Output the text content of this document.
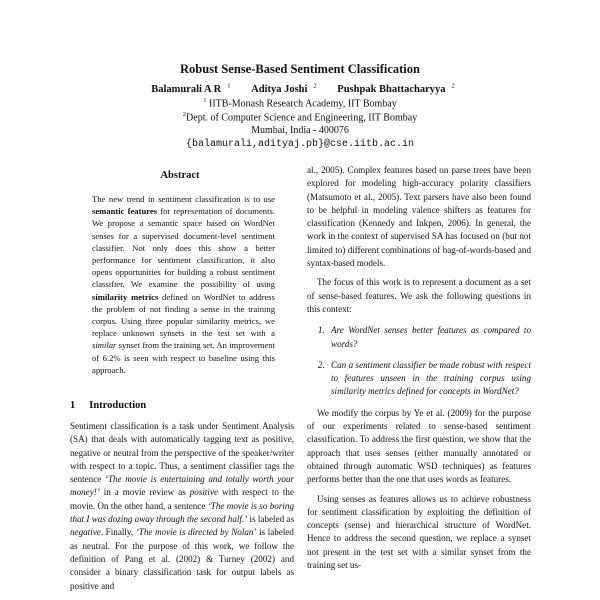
Robust Sense-Based Sentiment Classification
Balamurali A R $^1$ Aditya Joshi $^2$ Pushpak Bhattacharyya $^2$
$^1$ IITB-Monash Research Academy, IIT Bombay
$^2$Dept. of Computer Science and Engineering, IIT Bombay
Mumbai, India - 400076
{balamurali,adityaj.pb}@cse.iitb.ac.in
Abstract
The new trend in sentiment classification is to use semantic features for representation of documents. We propose a semantic space based on WordNet senses for a supervised document-level sentiment classifier. Not only does this show a better performance for sentiment classification, it also opens opportunities for building a robust sentiment classifier. We examine the possibility of using similarity metrics defined on WordNet to address the problem of not finding a sense in the training corpus. Using three popular similarity metrics, we replace unknown synsets in the test set with a similar synset from the training set. An improvement of 6.2% is seen with respect to baseline using this approach.
1 Introduction
Sentiment classification is a task under Sentiment Analysis (SA) that deals with automatically tagging text as positive, negative or neutral from the perspective of the speaker/writer with respect to a topic. Thus, a sentiment classifier tags the sentence ‘The movie is entertaining and totally worth your money!’ in a movie review as positive with respect to the movie. On the other hand, a sentence ‘The movie is so boring that I was dozing away through the second half.’ is labeled as negative. Finally, ‘The movie is directed by Nolan’ is labeled as neutral. For the purpose of this work, we follow the definition of Pang et al. (2002) & Turney (2002) and consider a binary classification task for output labels as positive and

al., 2005). Complex features based on parse trees have been explored for modeling high-accuracy polarity classifiers (Matsumoto et al., 2005). Text parsers have also been found to be helpful in modeling valence shifters as features for classification (Kennedy and Inkpen, 2006). In general, the work in the context of supervised SA has focused on (but not limited to) different combinations of bag-of-words-based and syntax-based models.

The focus of this work is to represent a document as a set of sense-based features. We ask the following questions in this context:

1. Are WordNet senses better features as compared to words?
2. Can a sentiment classifier be made robust with respect to features unseen in the training corpus using similarity metrics defined for concepts in WordNet?

We modify the corpus by Ye et al. (2009) for the purpose of our experiments related to sense-based sentiment classification. To address the first question, we show that the approach that uses senses (either manually annotated or obtained through automatic WSD techniques) as features performs better than the one that uses words as features.

Using senses as features allows us to achieve robustness for sentiment classification by exploiting the definition of concepts (sense) and hierarchical structure of WordNet. Hence to address the second question, we replace a synset not present in the test set with a similar synset from the training set us-
